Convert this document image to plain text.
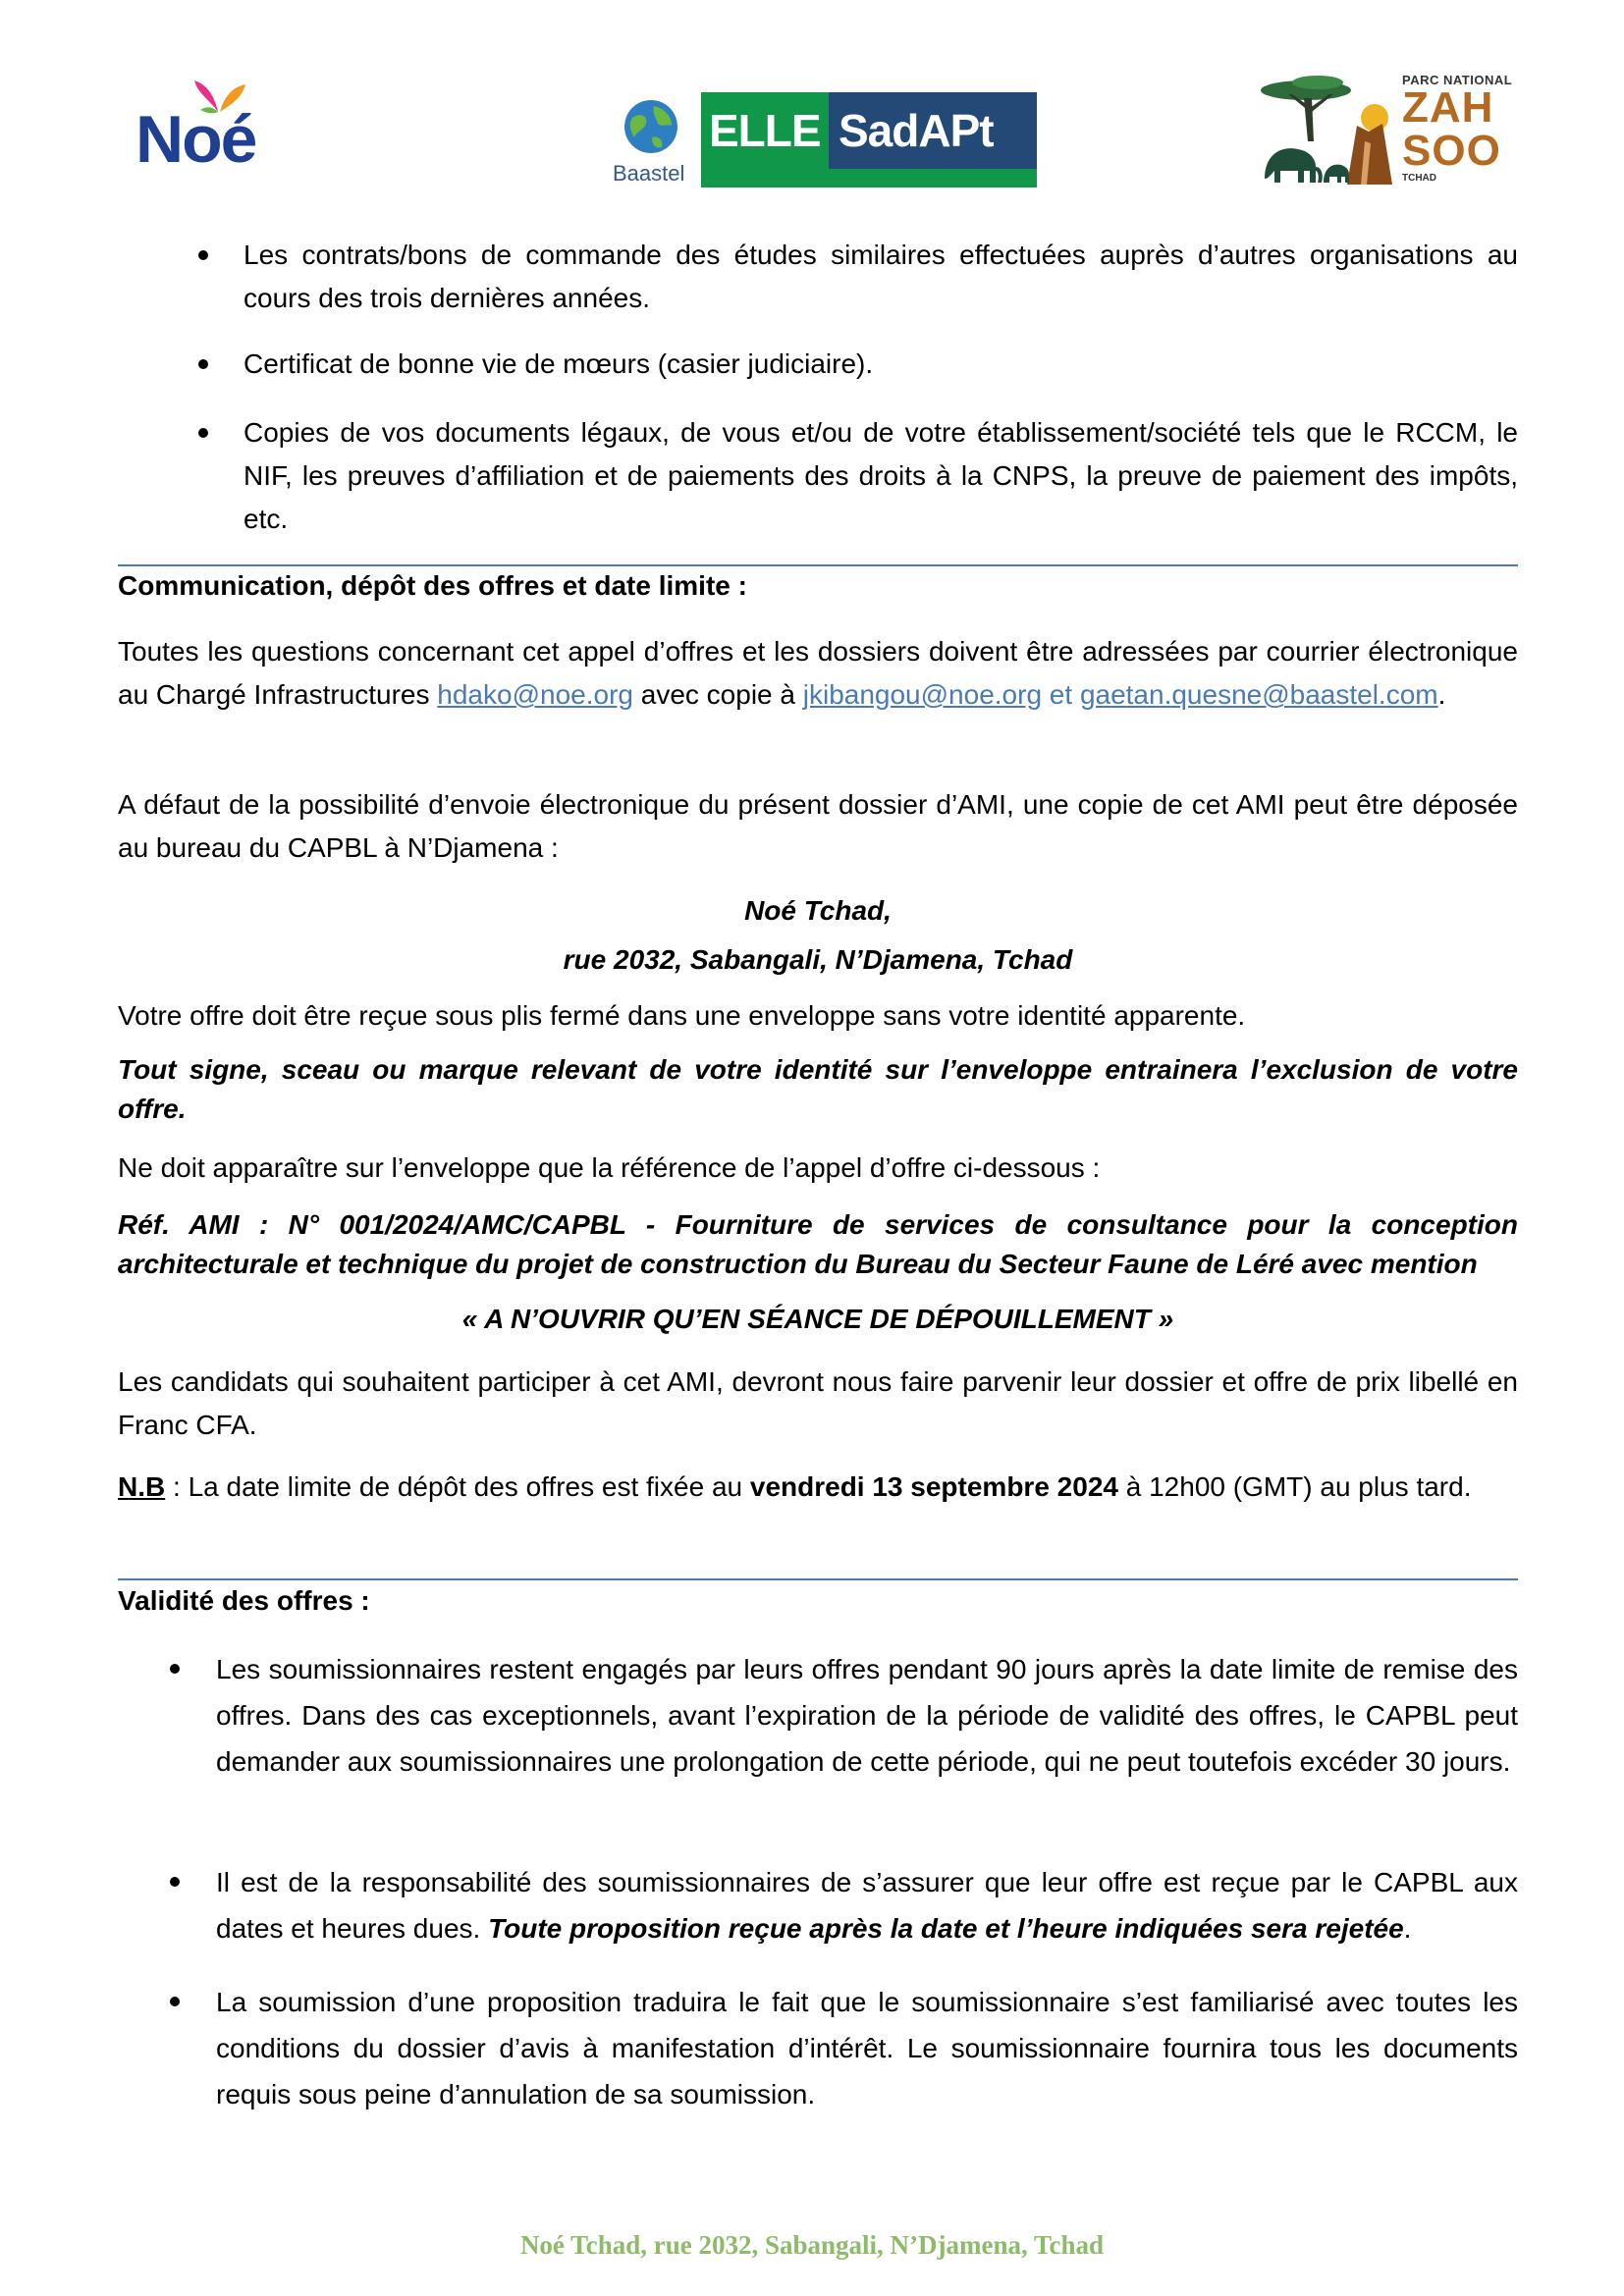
Noé	Baastel
ELLE SadAPt
PARC NATIONAL
ZAH
SOO
TCHAD

Les contrats/bons de commande des études similaires effectuées auprès d’autres organisations au cours des trois dernières années.

Certificat de bonne vie de mœurs (casier judiciaire).

Copies de vos documents légaux, de vous et/ou de votre établissement/société tels que le RCCM, le NIF, les preuves d’affiliation et de paiements des droits à la CNPS, la preuve de paiement des impôts, etc.

Communication, dépôt des offres et date limite :

Toutes les questions concernant cet appel d’offres et les dossiers doivent être adressées par courrier électronique au Chargé Infrastructures hdako@noe.org avec copie à jkibangou@noe.org et gaetan.quesne@baastel.com.

A défaut de la possibilité d’envoie électronique du présent dossier d’AMI, une copie de cet AMI peut être déposée au bureau du CAPBL à N’Djamena :

Noé Tchad,

rue 2032, Sabangali, N’Djamena, Tchad

Votre offre doit être reçue sous plis fermé dans une enveloppe sans votre identité apparente.

Tout signe, sceau ou marque relevant de votre identité sur l’enveloppe entrainera l’exclusion de votre offre.

Ne doit apparaître sur l’enveloppe que la référence de l’appel d’offre ci-dessous :

Réf. AMI : N° 001/2024/AMC/CAPBL - Fourniture de services de consultance pour la conception architecturale et technique du projet de construction du Bureau du Secteur Faune de Léré avec mention

« A N’OUVRIR QU’EN SÉANCE DE DÉPOUILLEMENT »

Les candidats qui souhaitent participer à cet AMI, devront nous faire parvenir leur dossier et offre de prix libellé en Franc CFA.

N.B : La date limite de dépôt des offres est fixée au vendredi 13 septembre 2024 à 12h00 (GMT) au plus tard.

Validité des offres :

Les soumissionnaires restent engagés par leurs offres pendant 90 jours après la date limite de remise des offres. Dans des cas exceptionnels, avant l’expiration de la période de validité des offres, le CAPBL peut demander aux soumissionnaires une prolongation de cette période, qui ne peut toutefois excéder 30 jours.

Il est de la responsabilité des soumissionnaires de s’assurer que leur offre est reçue par le CAPBL aux dates et heures dues. Toute proposition reçue après la date et l’heure indiquées sera rejetée.

La soumission d’une proposition traduira le fait que le soumissionnaire s’est familiarisé avec toutes les conditions du dossier d’avis à manifestation d’intérêt. Le soumissionnaire fournira tous les documents requis sous peine d’annulation de sa soumission.

Noé Tchad, rue 2032, Sabangali, N’Djamena, Tchad
